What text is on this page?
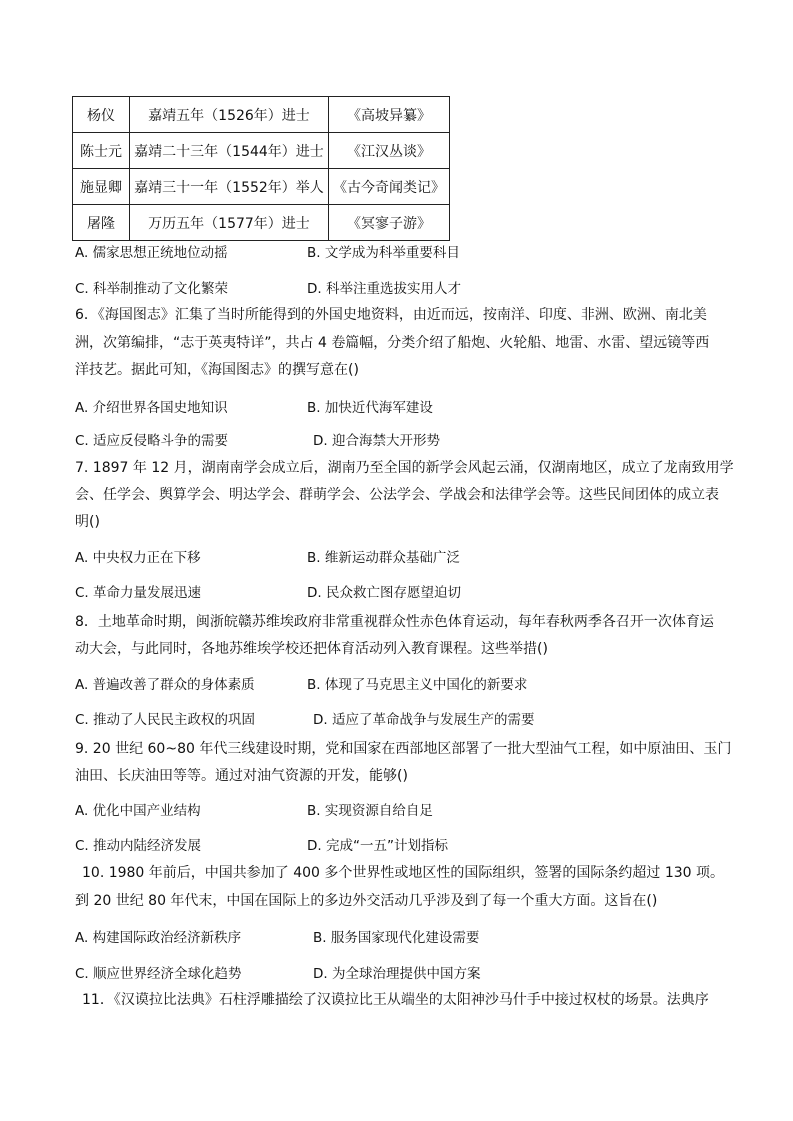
杨仪	嘉靖五年（1526年）进士	《高坡异纂》
陈士元	嘉靖二十三年（1544年）进士	《江汉丛谈》
施显卿	嘉靖三十一年（1552年）举人	《古今奇闻类记》
屠隆	万历五年（1577年）进士	《冥寥子游》
A. 儒家思想正统地位动摇	B. 文学成为科举重要科目
C. 科举制推动了文化繁荣	D. 科举注重选拔实用人才
6．《海国图志》汇集了当时所能得到的外国史地资料，由近而远，按南洋、印度、非洲、欧洲、南北美
洲，次第编排，“志于英夷特详”，共占 4 卷篇幅，分类介绍了船炮、火轮船、地雷、水雷、望远镜等西
洋技艺。据此可知，《海国图志》的撰写意在()
A. 介绍世界各国史地知识	B. 加快近代海军建设
C. 适应反侵略斗争的需要	D. 迎合海禁大开形势
7. 1897 年 12 月，湖南南学会成立后，湖南乃至全国的新学会风起云涌，仅湖南地区，成立了龙南致用学
会、任学会、舆算学会、明达学会、群萌学会、公法学会、学战会和法律学会等。这些民间团体的成立表
明()
A. 中央权力正在下移	B. 维新运动群众基础广泛
C. 革命力量发展迅速	D. 民众救亡图存愿望迫切
8．土地革命时期，闽浙皖赣苏维埃政府非常重视群众性赤色体育运动，每年春秋两季各召开一次体育运
动大会，与此同时，各地苏维埃学校还把体育活动列入教育课程。这些举措()
A. 普遍改善了群众的身体素质	B. 体现了马克思主义中国化的新要求
C. 推动了人民民主政权的巩固	D. 适应了革命战争与发展生产的需要
9. 20 世纪 60~80 年代三线建设时期，党和国家在西部地区部署了一批大型油气工程，如中原油田、玉门
油田、长庆油田等等。通过对油气资源的开发，能够()
A. 优化中国产业结构	B. 实现资源自给自足
C. 推动内陆经济发展	D. 完成“一五”计划指标
10. 1980 年前后，中国共参加了 400 多个世界性或地区性的国际组织，签署的国际条约超过 130 项。
到 20 世纪 80 年代末，中国在国际上的多边外交活动几乎涉及到了每一个重大方面。这旨在()
A. 构建国际政治经济新秩序	B. 服务国家现代化建设需要
C. 顺应世界经济全球化趋势	D. 为全球治理提供中国方案
11．《汉谟拉比法典》石柱浮雕描绘了汉谟拉比王从端坐的太阳神沙马什手中接过权杖的场景。法典序
